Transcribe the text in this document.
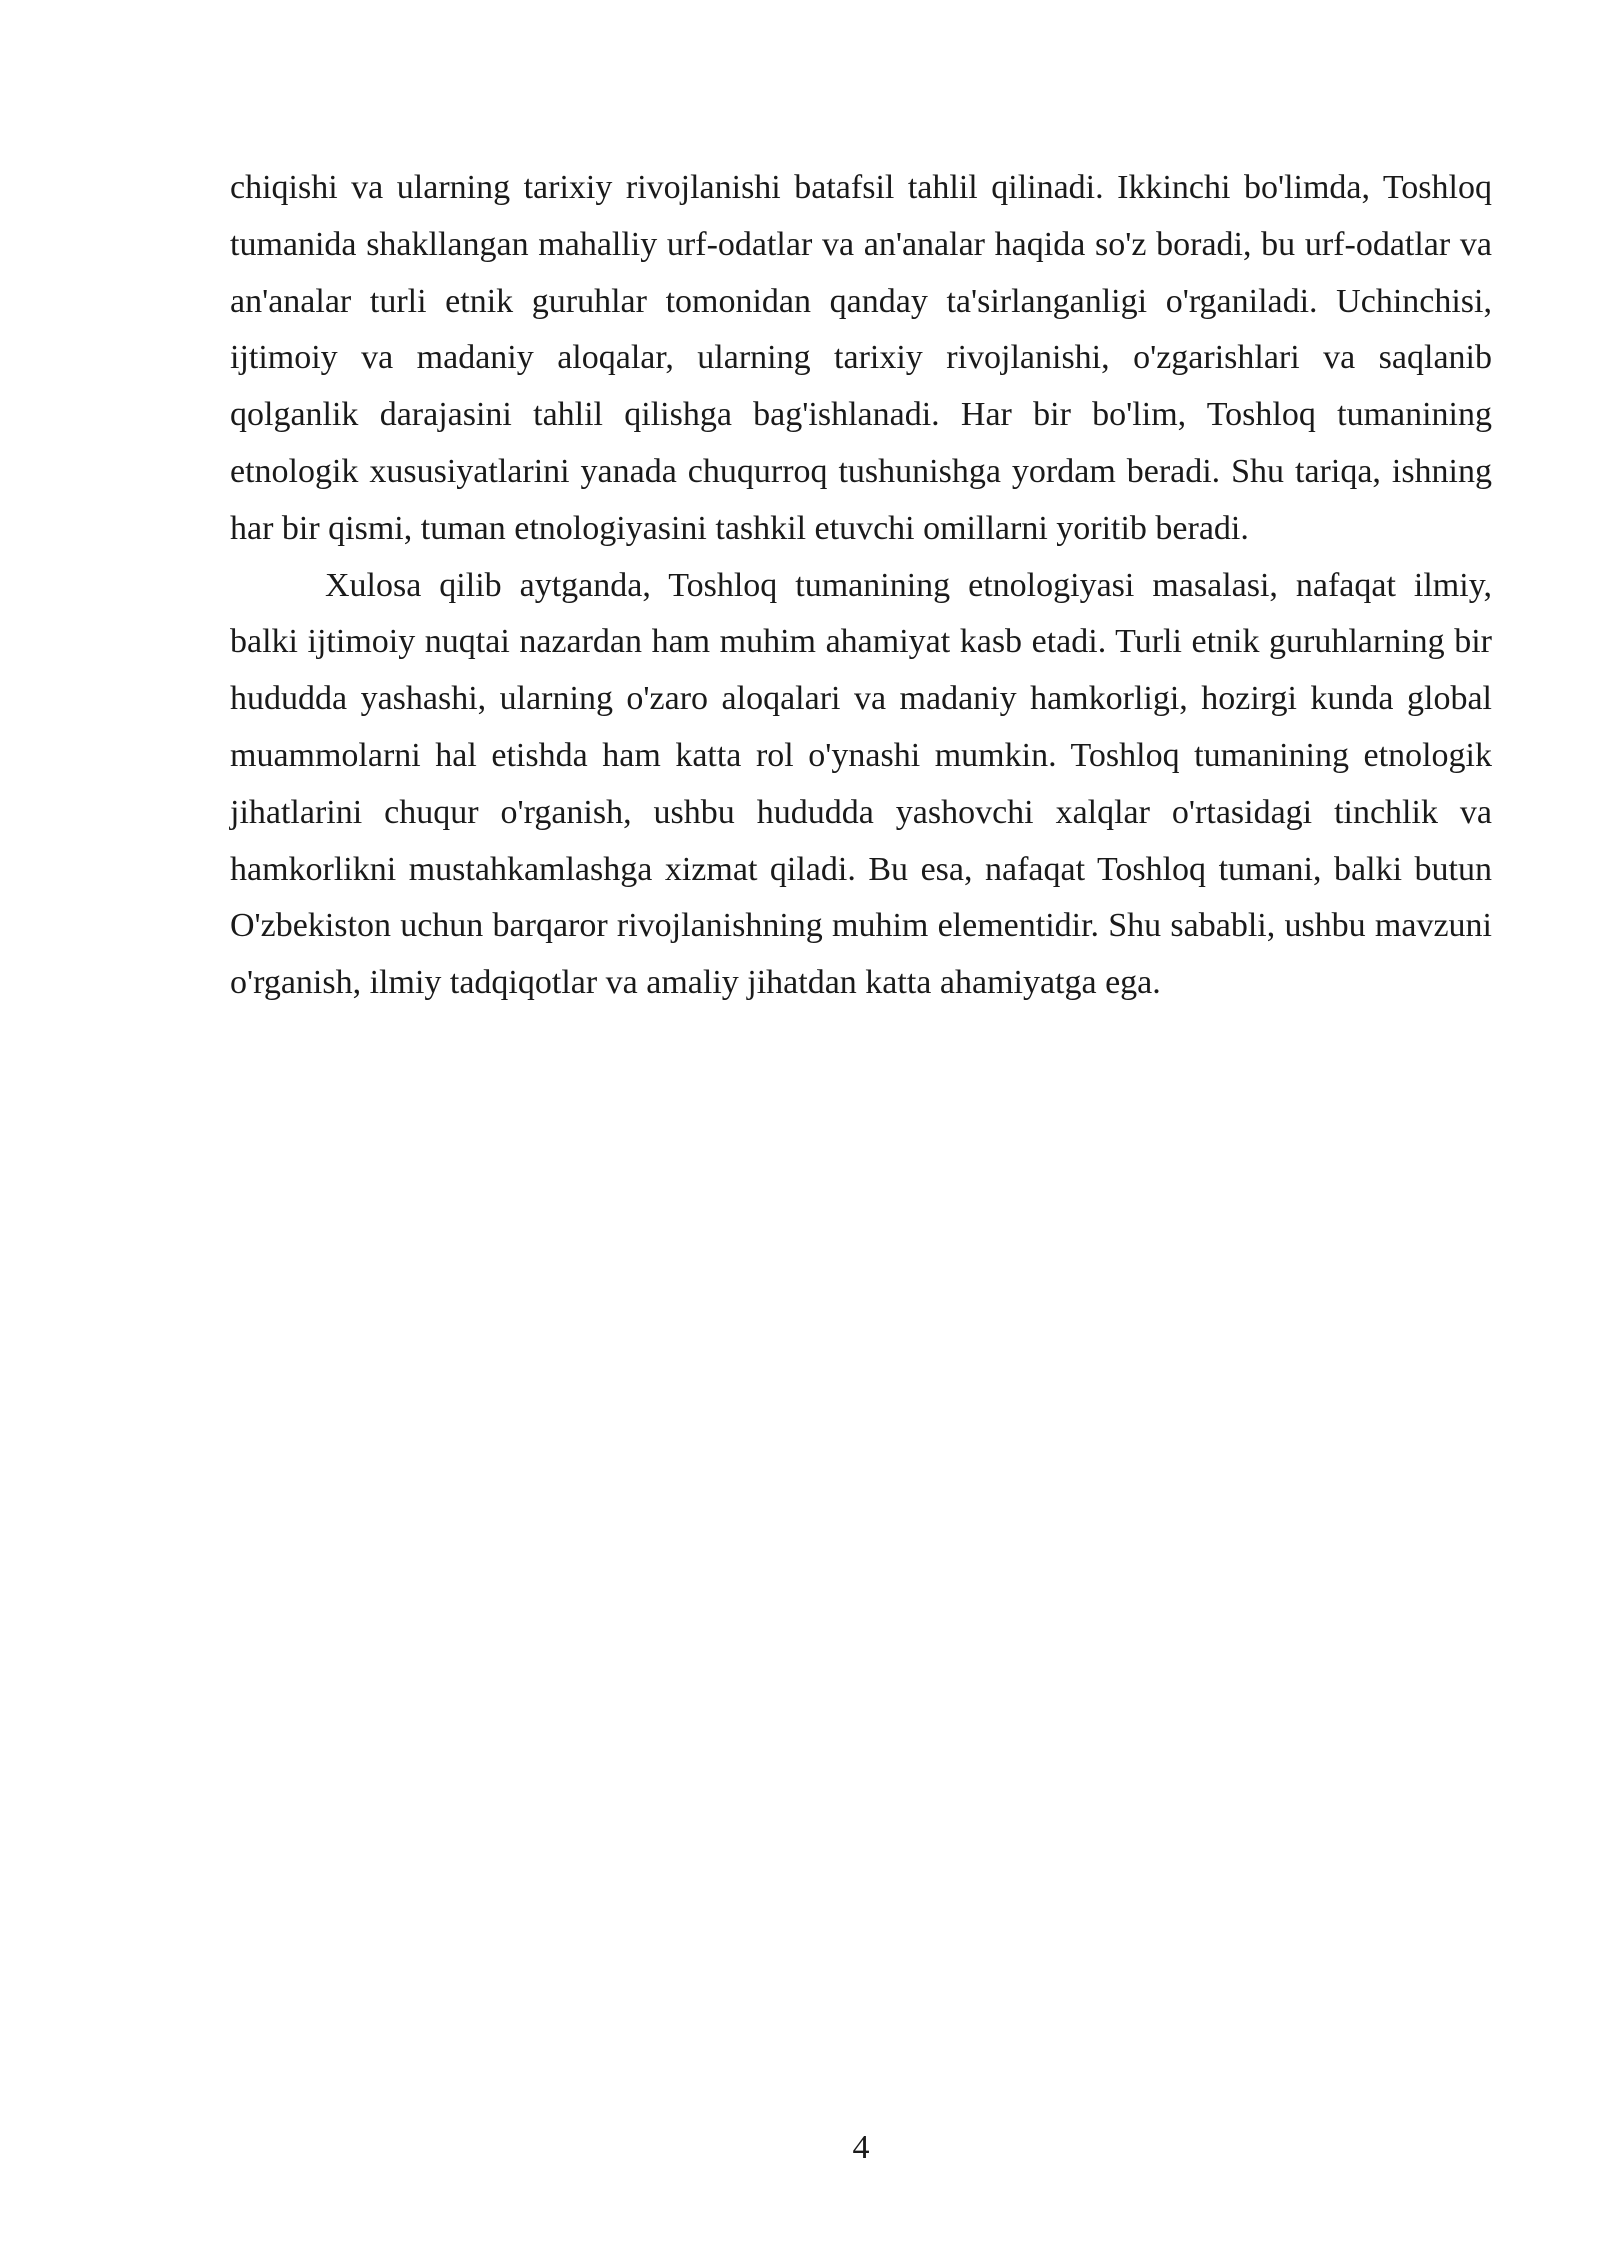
chiqishi va ularning tarixiy rivojlanishi batafsil tahlil qilinadi. Ikkinchi bo'limda, Toshloq tumanida shakllangan mahalliy urf-odatlar va an'analar haqida so'z boradi, bu urf-odatlar va an'analar turli etnik guruhlar tomonidan qanday ta'sirlanganligi o'rganiladi. Uchinchisi, ijtimoiy va madaniy aloqalar, ularning tarixiy rivojlanishi, o'zgarishlari va saqlanib qolganlik darajasini tahlil qilishga bag'ishlanadi. Har bir bo'lim, Toshloq tumanining etnologik xususiyatlarini yanada chuqurroq tushunishga yordam beradi. Shu tariqa, ishning har bir qismi, tuman etnologiyasini tashkil etuvchi omillarni yoritib beradi.

Xulosa qilib aytganda, Toshloq tumanining etnologiyasi masalasi, nafaqat ilmiy, balki ijtimoiy nuqtai nazardan ham muhim ahamiyat kasb etadi. Turli etnik guruhlarning bir hududda yashashi, ularning o'zaro aloqalari va madaniy hamkorligi, hozirgi kunda global muammolarni hal etishda ham katta rol o'ynashi mumkin. Toshloq tumanining etnologik jihatlarini chuqur o'rganish, ushbu hududda yashovchi xalqlar o'rtasidagi tinchlik va hamkorlikni mustahkamlashga xizmat qiladi. Bu esa, nafaqat Toshloq tumani, balki butun O'zbekiston uchun barqaror rivojlanishning muhim elementidir. Shu sababli, ushbu mavzuni o'rganish, ilmiy tadqiqotlar va amaliy jihatdan katta ahamiyatga ega.

4
